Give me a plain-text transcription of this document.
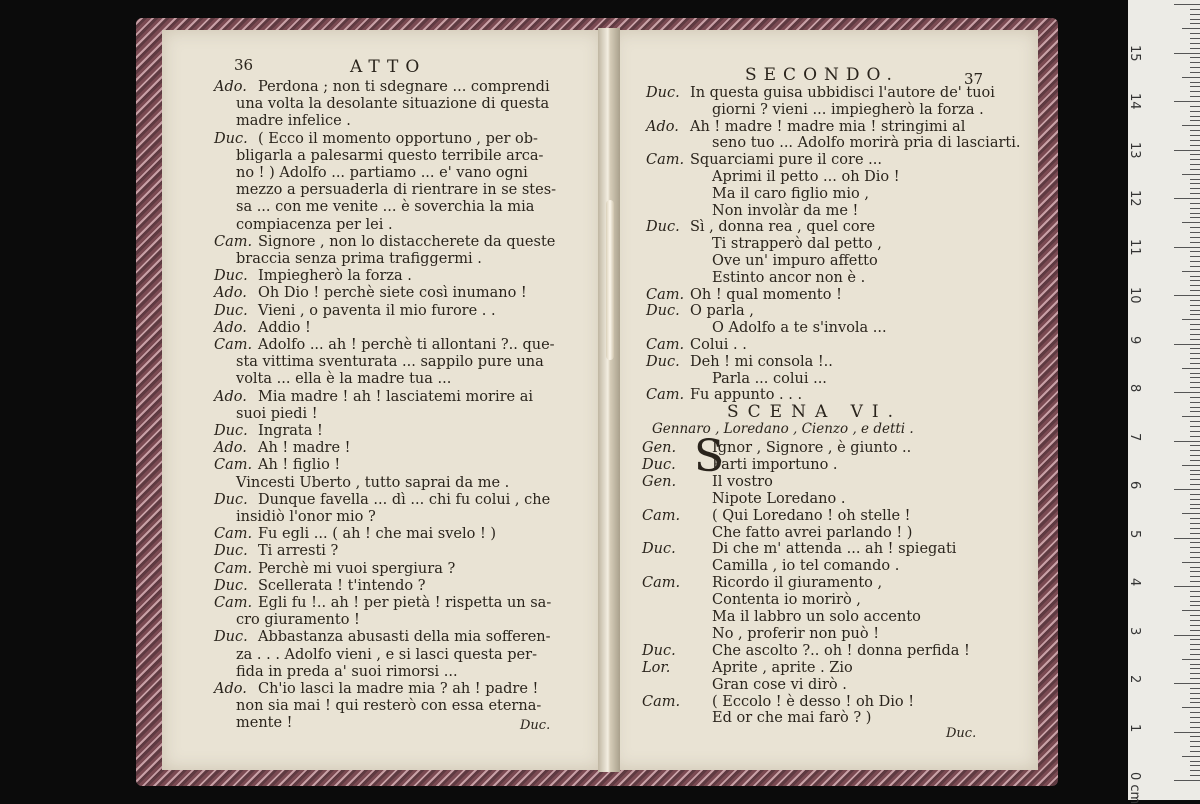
36	ATTO
Ado. Perdona ; non ti sdegnare ... comprendi
una volta la desolante situazione di questa
madre infelice .
Duc. ( Ecco il momento opportuno , per ob-
bligarla a palesarmi questo terribile arca-
no ! ) Adolfo ... partiamo ... e' vano ogni
mezzo a persuaderla di rientrare in se stes-
sa ... con me venite ... è soverchia la mia
compiacenza per lei .
Cam. Signore , non lo distaccherete da queste
braccia senza prima trafiggermi .
Duc. Impiegherò la forza .
Ado. Oh Dio ! perchè siete così inumano !
Duc. Vieni , o paventa il mio furore . .
Ado. Addio !
Cam. Adolfo ... ah ! perchè ti allontani ?.. que-
sta vittima sventurata ... sappilo pure una
volta ... ella è la madre tua ...
Ado. Mia madre ! ah ! lasciatemi morire ai
suoi piedi !
Duc. Ingrata !
Ado. Ah ! madre !
Cam. Ah ! figlio !
Vincesti Uberto , tutto saprai da me .
Duc. Dunque favella ... dì ... chi fu colui , che
insidiò l'onor mio ?
Cam. Fu egli ... ( ah ! che mai svelo ! )
Duc. Ti arresti ?
Cam. Perchè mi vuoi spergiura ?
Duc. Scellerata ! t'intendo ?
Cam. Egli fu !.. ah ! per pietà ! rispetta un sa-
cro giuramento !
Duc. Abbastanza abusasti della mia sofferen-
za . . . Adolfo vieni , e si lasci questa per-
fida in preda a' suoi rimorsi ...
Ado. Ch'io lasci la madre mia ? ah ! padre !
non sia mai ! qui resterò con essa eterna-
mente !	Duc.
SECONDO.	37
Duc. In questa guisa ubbidisci l'autore de' tuoi
giorni ? vieni ... impiegherò la forza .
Ado. Ah ! madre ! madre mia ! stringimi al
seno tuo ... Adolfo morirà pria di lasciarti.
Cam. Squarciami pure il core ...
Aprimi il petto ... oh Dio !
Ma il caro figlio mio ,
Non involàr da me !
Duc. Sì , donna rea , quel core
Ti strapperò dal petto ,
Ove un' impuro affetto
Estinto ancor non è .
Cam. Oh ! qual momento !
Duc. O parla ,
O Adolfo a te s'invola ...
Cam. Colui . .
Duc. Deh ! mi consola !..
Parla ... colui ...
Cam. Fu appunto . . .
SCENA VI.
Gennaro , Loredano , Cienzo , e detti .
S
Gen. Ignor , Signore , è giunto ..
Duc.	Parti importuno .
Gen. Il vostro
Nipote Loredano .
Cam. ( Qui Loredano ! oh stelle !
Che fatto avrei parlando ! )
Duc.	Di che m' attenda ... ah ! spiegati
Camilla , io tel comando .
Cam. Ricordo il giuramento ,
Contenta io morirò ,
Ma il labbro un solo accento
No , proferir non può !
Duc.	Che ascolto ?.. oh ! donna perfida !
Lor.	Aprite , aprite . Zio
Gran cose vi dirò .
Cam. ( Eccolo ! è desso ! oh Dio !
Ed or che mai farò ? )
Duc.
0 cm
1
2
3
4
5
6
7
8
9
10
11
12
13
14
15
